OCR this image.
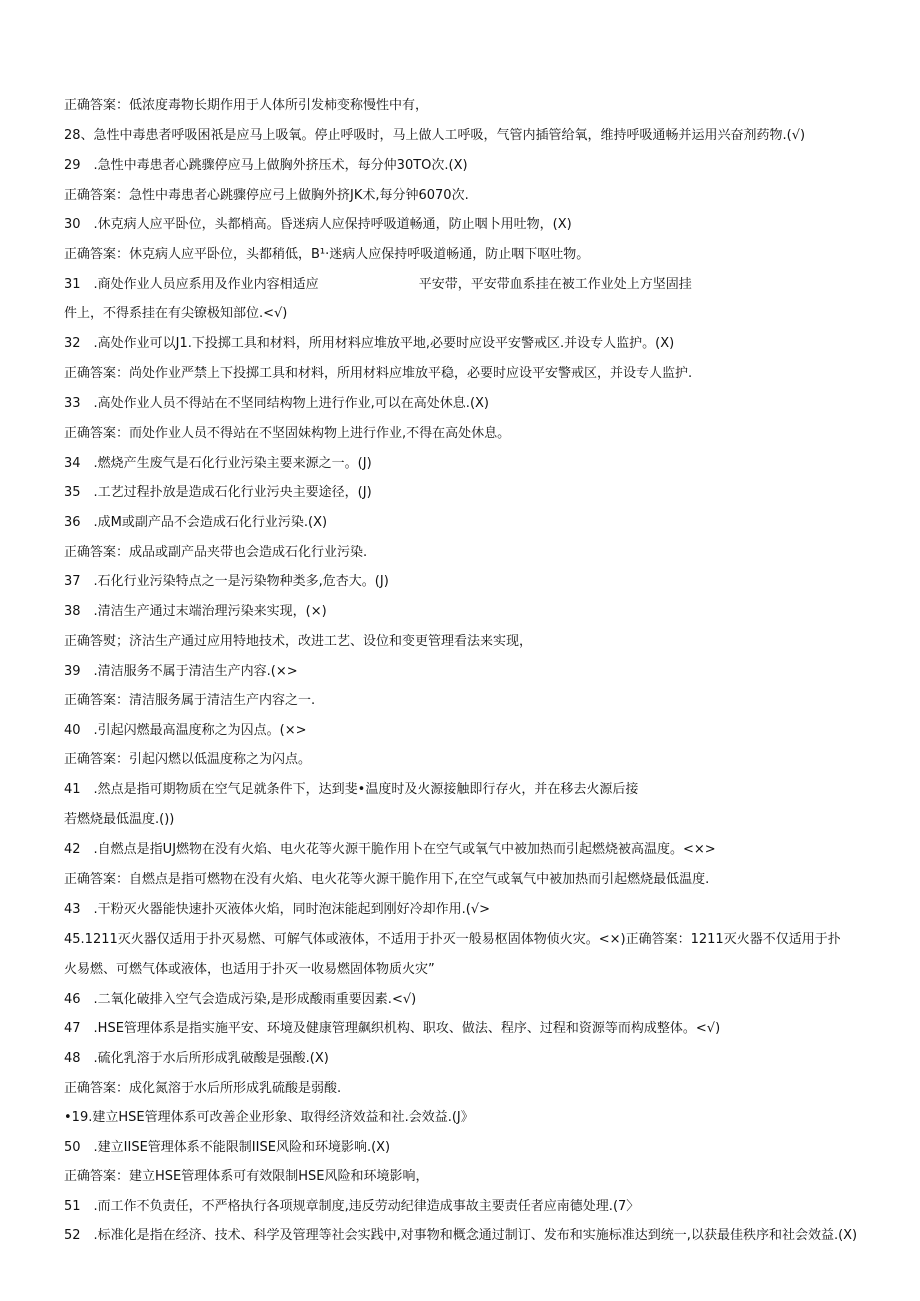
正确答案：低浓度毒物长期作用于人体所引发柿变称慢性中有，
28、急性中毒患者呼吸困祇是应马上吸氧。停止呼吸时，马上做人工呼吸，气管内插管给氧，维持呼吸通畅并运用兴奋剂药物.(√)
29　.急性中毒患者心跳骤停应马上做胸外挤压术，每分仲30TO次.(X)
正确答案：急性中毒患者心跳骤停应弓上做胸外挤JK术,每分钟6070次.
30　.休克病人应平卧位，头都梢高。昏迷病人应保持呼吸道畅通，防止咽卜用吐物，(X)
正确答案：休克病人应平卧位，头都稍低，B¹·迷病人应保持呼吸道畅通，防止咽下呕吐物。
31　.商处作业人员应系用及作业内容相适应	平安带，平安带血系挂在被工作业处上方坚固挂
件上，不得系挂在有尖镣极知部位.<√)
32　.高处作业可以J1.下投掷工具和材料，所用材料应堆放平地,必要时应设平安警戒区.并设专人监护。(X)
正确答案：尚处作业严禁上下投掷工具和材料，所用材料应堆放平稳，必要时应设平安警戒区，并设专人监护.
33　.高处作业人员不得站在不坚同结构物上进行作业,可以在高处休息.(X)
正确答案：而处作业人员不得站在不坚固妹构物上进行作业,不得在高处休息。
34　.燃烧产生废气是石化行业污染主要来源之一。(J)
35　.工艺过程扑放是造成石化行业污央主要途径，(J)
36　.成M或副产品不会造成石化行业污染.(X)
正确答案：成品或副产品夹带也会造成石化行业污染.
37　.石化行业污染特点之一是污染物种类多,危杏大。(J)
38　.清洁生产通过末端治理污染来实现，(×)
正确答熨；济沽生产通过应用特地技术，改进工艺、设位和变更管理看法来实现，
39　.清洁服务不属于清洁生产内容.(×>
正确答案：清洁服务属于清洁生产内容之一.
40　.引起闪燃最高温度称之为囚点。(×>
正确答案：引起闪燃以低温度称之为闪点。
41　.然点是指可期物质在空气足就条件下，达到斐•温度时及火源接触即行存火，并在移去火源后接
若燃烧最低温度.())
42　.自燃点是指UJ燃物在没有火焰、电火花等火源干脆作用卜在空气或氧气中被加热而引起燃烧被高温度。<×>
正确答案：自燃点是指可燃物在没有火焰、电火花等火源干脆作用下,在空气或氧气中被加热而引起燃烧最低温度.
43　.干粉灭火器能快速扑灭液体火焰，同时泡沫能起到刚好冷却作用.(√>
45.1211灭火器仅适用于扑灭易燃、可解气体或液体，不适用于扑灭一般易枢固体物侦火灾。<×)正确答案：1211灭火器不仅适用于扑
火易燃、可燃气体或液体，也适用于扑灭一收易燃固体物质火灾”
46　.二氧化破排入空气会造成污染,是形成酸雨重要因素.<√)
47　.HSE管理体系是指实施平安、环境及健康管理飙织机构、职攻、做法、程序、过程和资源等而构成整体。<√)
48　.硫化乳溶于水后所形成乳破酸是强酸.(X)
正确答案：成化氮溶于水后所形成乳硫酸是弱酸.
•19.建立HSE管理体系可改善企业形象、取得经济效益和社.会效益.(J》
50　.建立IISE管理体系不能限制IISE风险和环境影响.(X)
正确答案：建立HSE管理体系可有效限制HSE风险和环境影响，
51　.而工作不负责任，不严格执行各项规章制度,违反劳动纪律造成事故主要责任者应南德处理.(7〉
52　.标准化是指在经济、技术、科学及管理等社会实践中,对事物和概念通过制订、发布和实施标准达到统一,以获最佳秩序和社会效益.(X)
